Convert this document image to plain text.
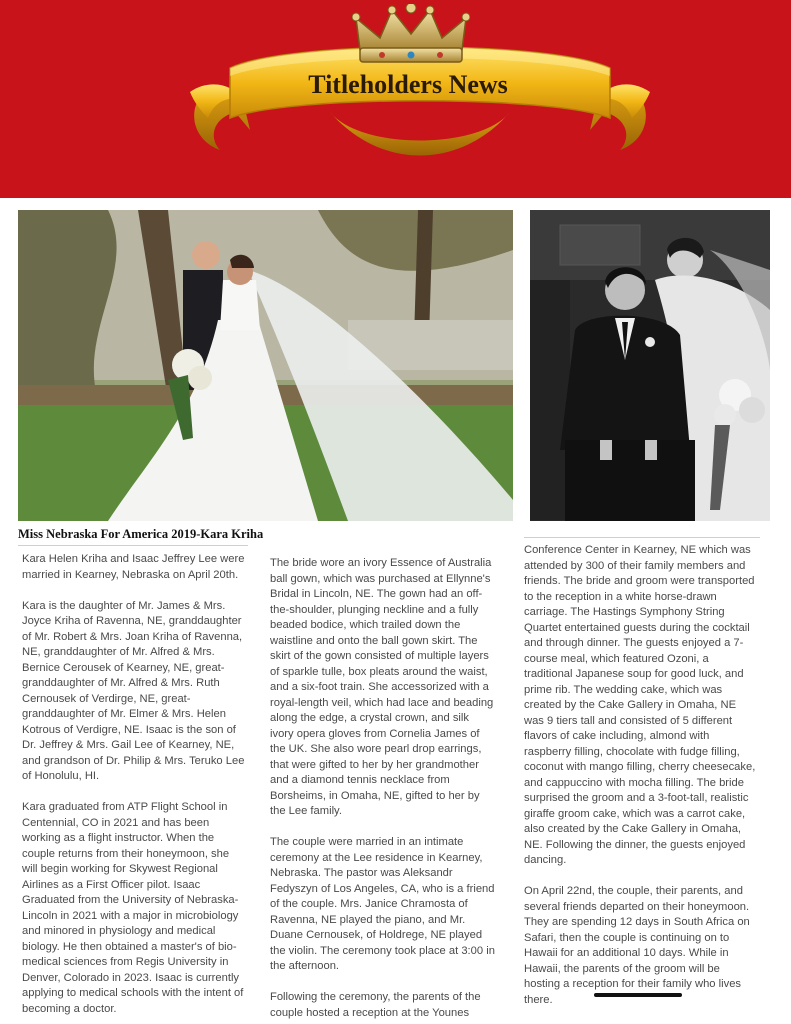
Titleholders News
Miss Nebraska For America 2019-Kara Kriha

Kara Helen Kriha and Isaac Jeffrey Lee were married in Kearney, Nebraska on April 20th.

Kara is the daughter of Mr. James & Mrs. Joyce Kriha of Ravenna, NE, granddaughter of Mr. Robert & Mrs. Joan Kriha of Ravenna, NE, granddaughter of Mr. Alfred & Mrs. Bernice Cerousek of Kearney, NE, great-granddaughter of Mr. Alfred & Mrs. Ruth Cernousek of Verdirge, NE, great-granddaughter of Mr. Elmer & Mrs. Helen Kotrous of Verdigre, NE. Isaac is the son of Dr. Jeffrey & Mrs. Gail Lee of Kearney, NE, and grandson of Dr. Philip & Mrs. Teruko Lee of Honolulu, HI.

Kara graduated from ATP Flight School in Centennial, CO in 2021 and has been working as a flight instructor. When the couple returns from their honeymoon, she will begin working for Skywest Regional Airlines as a First Officer pilot. Isaac Graduated from the University of Nebraska-Lincoln in 2021 with a major in microbiology and minored in physiology and medical biology. He then obtained a master's of bio-medical sciences from Regis University in Denver, Colorado in 2023. Isaac is currently applying to medical schools with the intent of becoming a doctor.

The bride wore an ivory Essence of Australia ball gown, which was purchased at Ellynne's Bridal in Lincoln, NE. The gown had an off-the-shoulder, plunging neckline and a fully beaded bodice, which trailed down the waistline and onto the ball gown skirt. The skirt of the gown consisted of multiple layers of sparkle tulle, box pleats around the waist, and a six-foot train. She accessorized with a royal-length veil, which had lace and beading along the edge, a crystal crown, and silk ivory opera gloves from Cornelia James of the UK. She also wore pearl drop earrings, that were gifted to her by her grandmother and a diamond tennis necklace from Borsheims, in Omaha, NE, gifted to her by the Lee family.

The couple were married in an intimate ceremony at the Lee residence in Kearney, Nebraska. The pastor was Aleksandr Fedyszyn of Los Angeles, CA, who is a friend of the couple. Mrs. Janice Chramosta of Ravenna, NE played the piano, and Mr. Duane Cernousek, of Holdrege, NE played the violin. The ceremony took place at 3:00 in the afternoon.

Following the ceremony, the parents of the couple hosted a reception at the Younes

Conference Center in Kearney, NE which was attended by 300 of their family members and friends. The bride and groom were transported to the reception in a white horse-drawn carriage. The Hastings Symphony String Quartet entertained guests during the cocktail and through dinner. The guests enjoyed a 7-course meal, which featured Ozoni, a traditional Japanese soup for good luck, and prime rib. The wedding cake, which was created by the Cake Gallery in Omaha, NE was 9 tiers tall and consisted of 5 different flavors of cake including, almond with raspberry filling, chocolate with fudge filling, coconut with mango filling, cherry cheesecake, and cappuccino with mocha filling. The bride surprised the groom and a 3-foot-tall, realistic giraffe groom cake, which was a carrot cake, also created by the Cake Gallery in Omaha, NE. Following the dinner, the guests enjoyed dancing.

On April 22nd, the couple, their parents, and several friends departed on their honeymoon. They are spending 12 days in South Africa on Safari, then the couple is continuing on to Hawaii for an additional 10 days. While in Hawaii, the parents of the groom will be hosting a reception for their family who lives there.
